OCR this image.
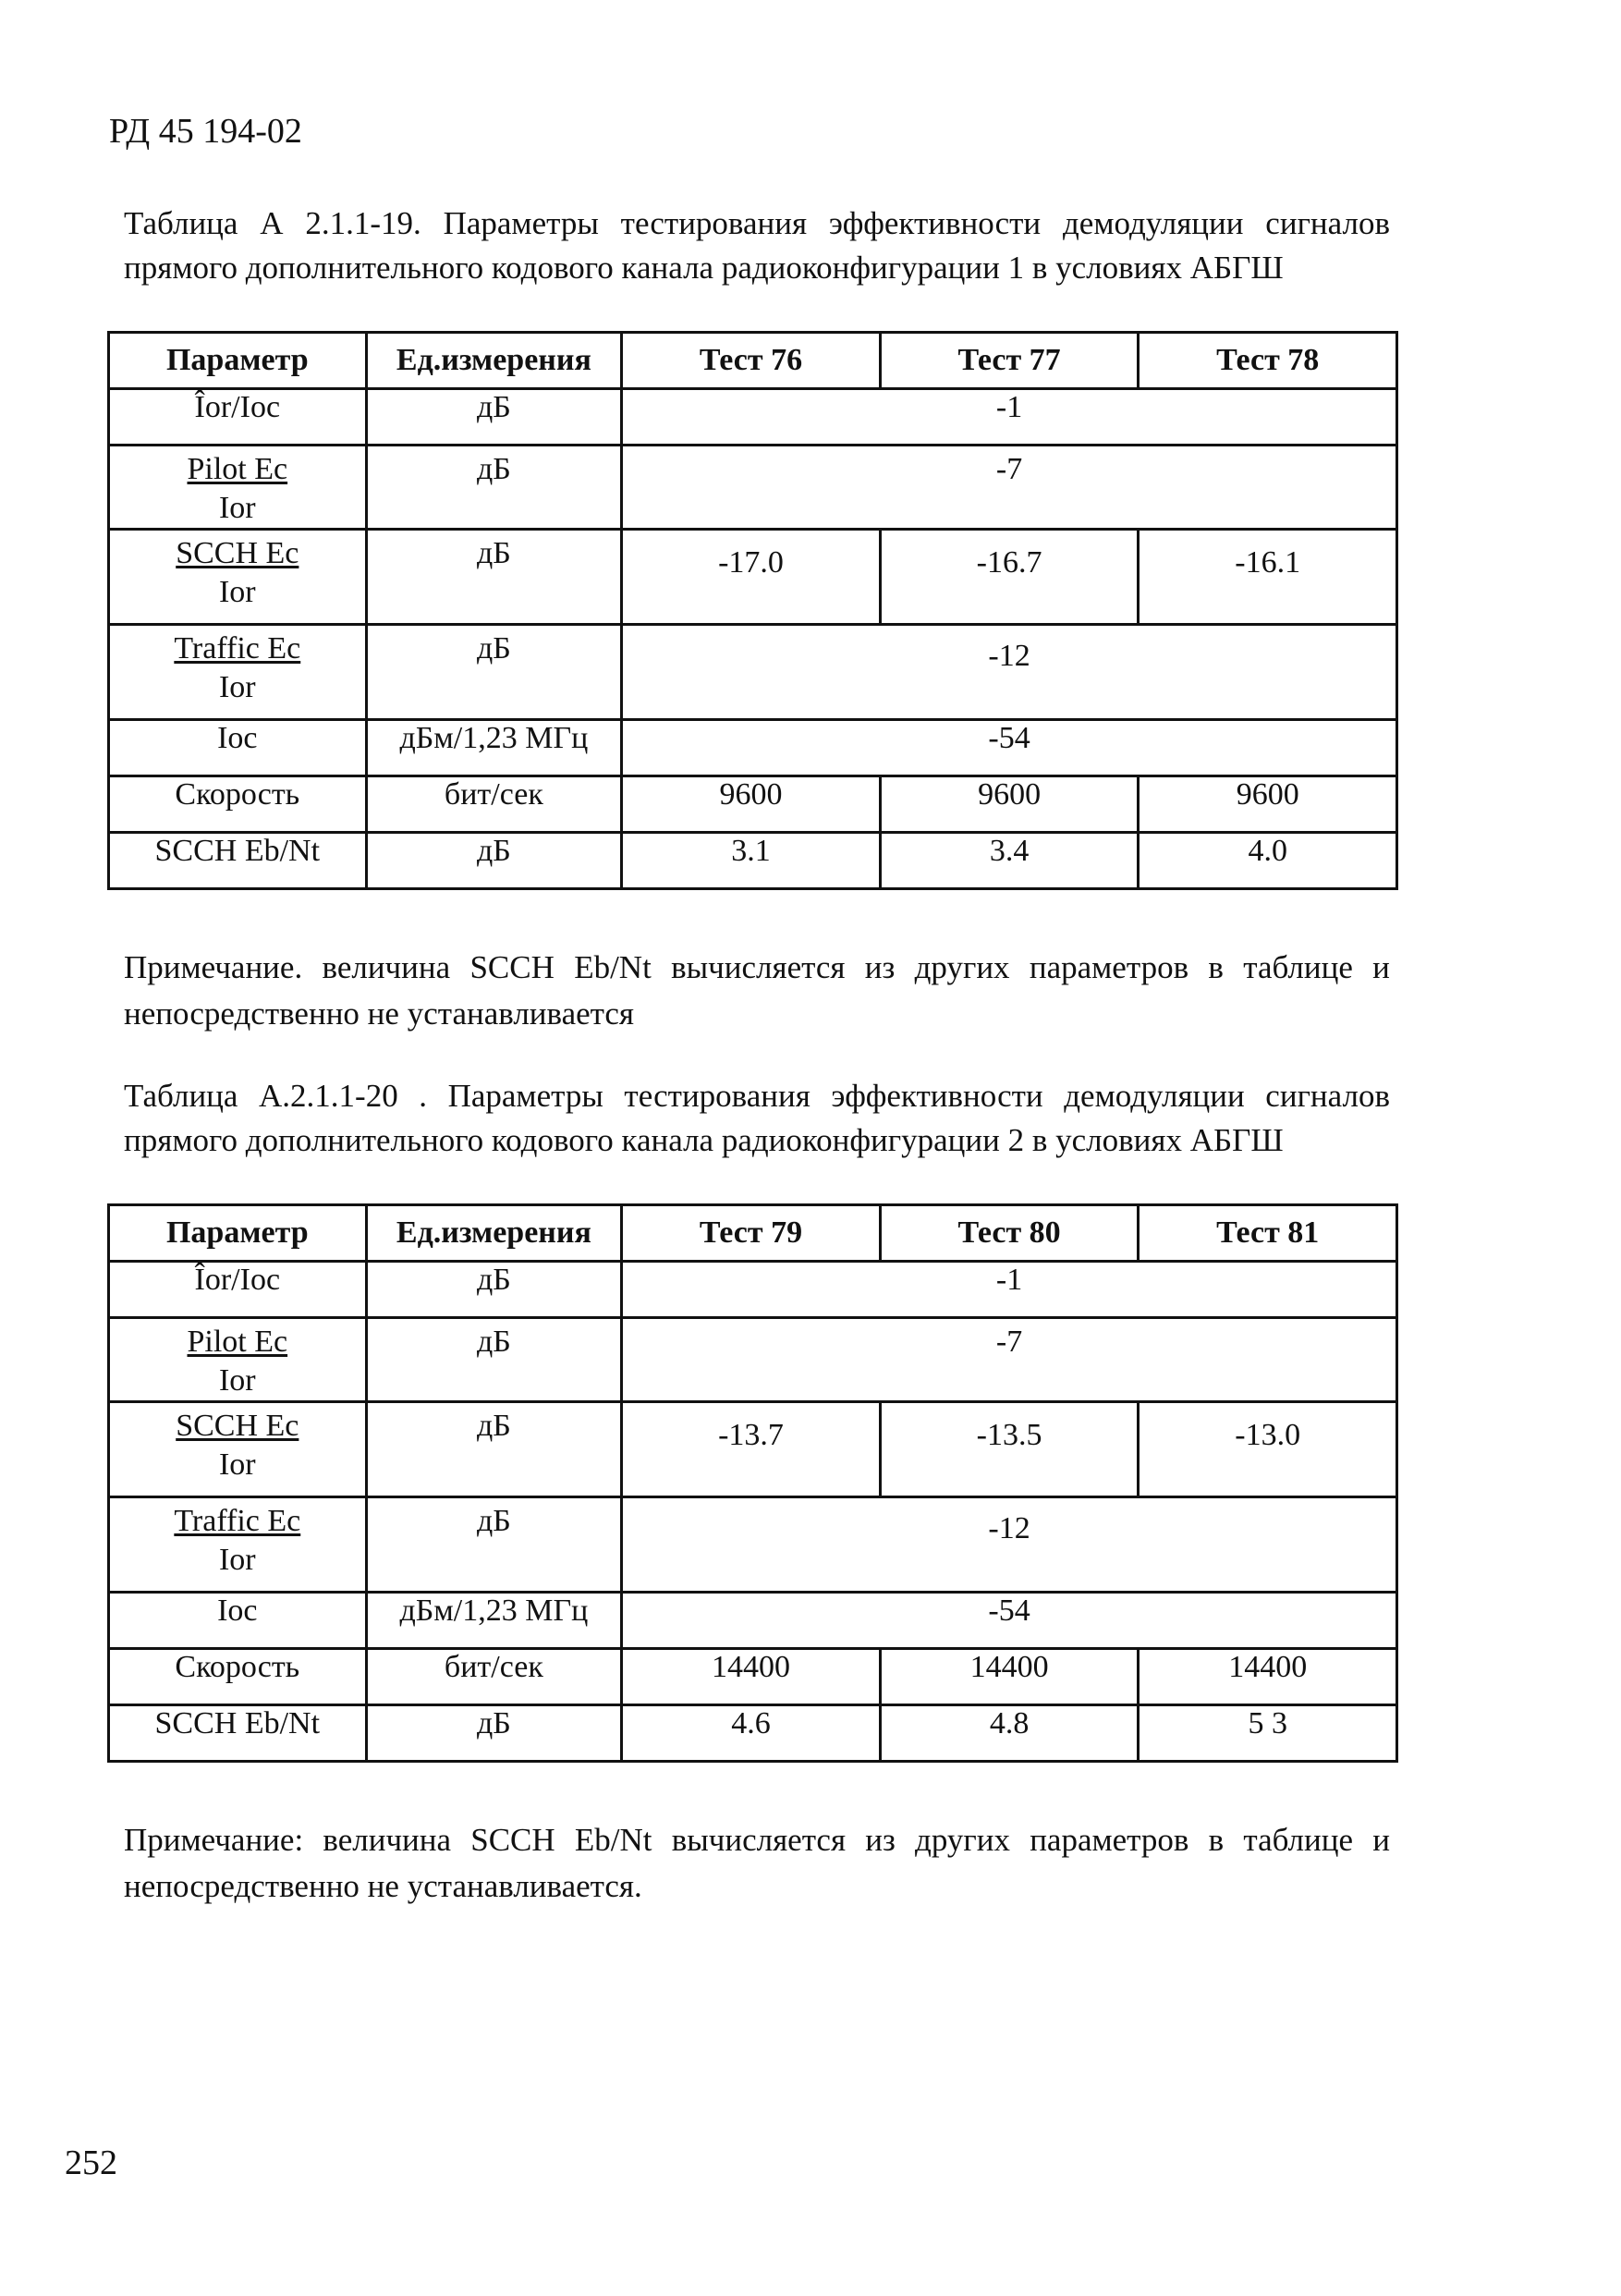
РД 45 194-02
Таблица А 2.1.1-19. Параметры тестирования эффективности демодуляции сигналов прямого дополнительного кодового канала радиоконфигурации 1 в условиях АБГШ
Параметр	Ед.измерения	Тест 76	Тест 77	Тест 78
Îor/Ioc	дБ	-1		

$\frac{\text{Pilot Ec}}{\text{Ior}}$	дБ	-7		

$\frac{\text{SCCH Ec}}{\text{Ior}}$	дБ	-17.0	-16.7	-16.1

$\frac{\text{Traffic Ec}}{\text{Ior}}$	дБ	-12		

Ioc	дБм/1,23 МГц	-54		
Скорость	бит/сек	9600	9600	9600
SCCH Eb/Nt	дБ	3.1	3.4	4.0
Примечание. величина SCCH Eb/Nt вычисляется из других параметров в таблице и
непосредственно не устанавливается
Таблица А.2.1.1-20 . Параметры тестирования эффективности демодуляции сигналов прямого дополнительного кодового канала радиоконфигурации 2 в условиях АБГШ
Параметр	Ед.измерения	Тест 79	Тест 80	Тест 81
Îor/Ioc	дБ	-1		

$\frac{\text{Pilot Ec}}{\text{Ior}}$	дБ	-7		

$\frac{\text{SCCH Ec}}{\text{Ior}}$	дБ	-13.7	-13.5	-13.0

$\frac{\text{Traffic Ec}}{\text{Ior}}$	дБ	-12		

Ioc	дБм/1,23 МГц	-54		
Скорость	бит/сек	14400	14400	14400
SCCH Eb/Nt	дБ	4.6	4.8	5 3
Примечание: величина SCCH Eb/Nt вычисляется из других параметров в таблице и
непосредственно не устанавливается.
252
